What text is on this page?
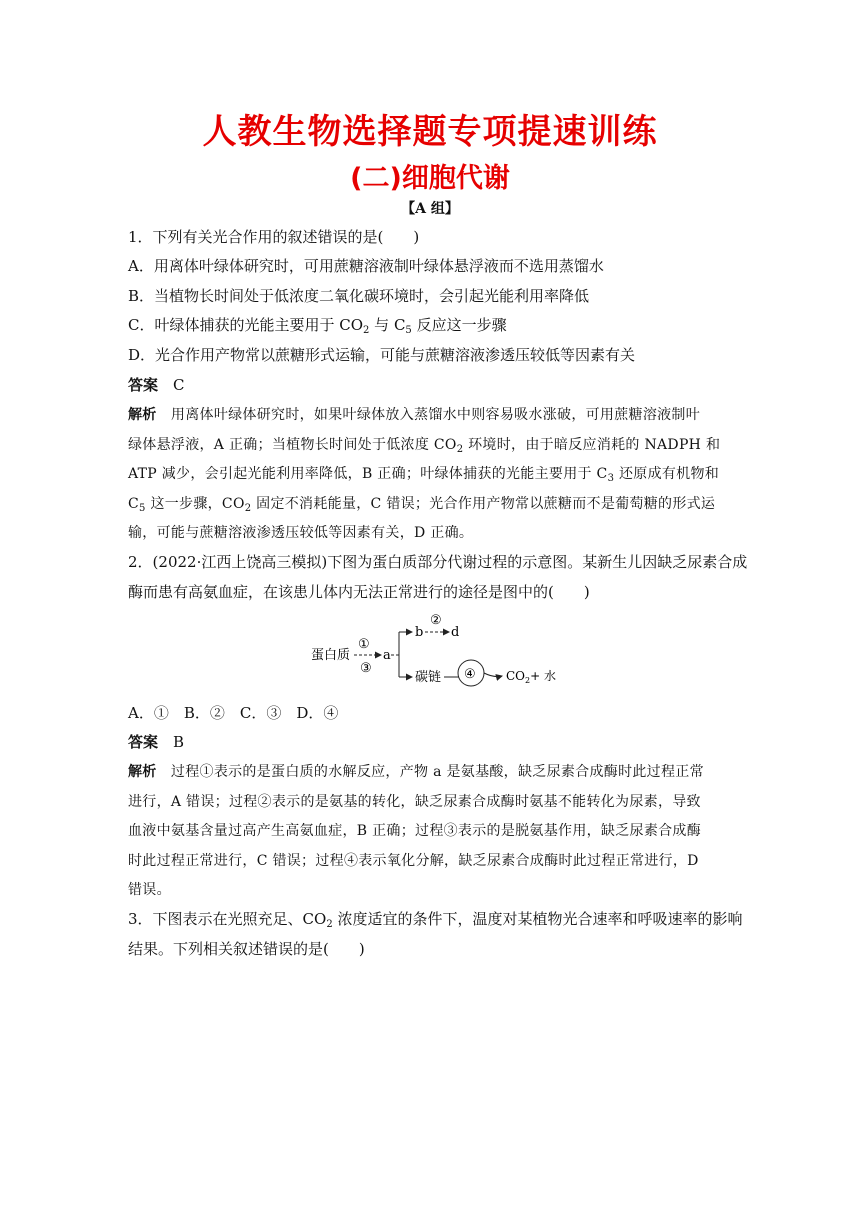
人教生物选择题专项提速训练
(二)细胞代谢
【A 组】
1．下列有关光合作用的叙述错误的是(　　)
A．用离体叶绿体研究时，可用蔗糖溶液制叶绿体悬浮液而不选用蒸馏水
B．当植物长时间处于低浓度二氧化碳环境时，会引起光能利用率降低
C．叶绿体捕获的光能主要用于 $CO_2$ 与 $C_5$ 反应这一步骤
D．光合作用产物常以蔗糖形式运输，可能与蔗糖溶液渗透压较低等因素有关
答案　 C
解析　 用离体叶绿体研究时，如果叶绿体放入蒸馏水中则容易吸水涨破，可用蔗糖溶液制叶
绿体悬浮液，A 正确；当植物长时间处于低浓度 $CO_2$ 环境时，由于暗反应消耗的 NADPH 和
ATP 减少，会引起光能利用率降低，B 正确；叶绿体捕获的光能主要用于 $C_3$ 还原成有机物和
$C_5$ 这一步骤，$CO_2$ 固定不消耗能量，C 错误；光合作用产物常以蔗糖而不是葡萄糖的形式运
输，可能与蔗糖溶液渗透压较低等因素有关，D 正确。
2．(2022·江西上饶高三模拟)下图为蛋白质部分代谢过程的示意图。某新生儿因缺乏尿素合成
酶而患有高氨血症，在该患儿体内无法正常进行的途径是图中的(　　)
蛋白质
①
a
③
b
②
d
碳链 ④	$CO_2+$ 水
A．①　B．②　C．③　D．④
答案　 B
解析　 过程①表示的是蛋白质的水解反应，产物 a 是氨基酸，缺乏尿素合成酶时此过程正常
进行，A 错误；过程②表示的是氨基的转化，缺乏尿素合成酶时氨基不能转化为尿素，导致
血液中氨基含量过高产生高氨血症，B 正确；过程③表示的是脱氨基作用，缺乏尿素合成酶
时此过程正常进行，C 错误；过程④表示氧化分解，缺乏尿素合成酶时此过程正常进行，D
错误。
3．下图表示在光照充足、$CO_2$ 浓度适宜的条件下，温度对某植物光合速率和呼吸速率的影响
结果。下列相关叙述错误的是(　　)
